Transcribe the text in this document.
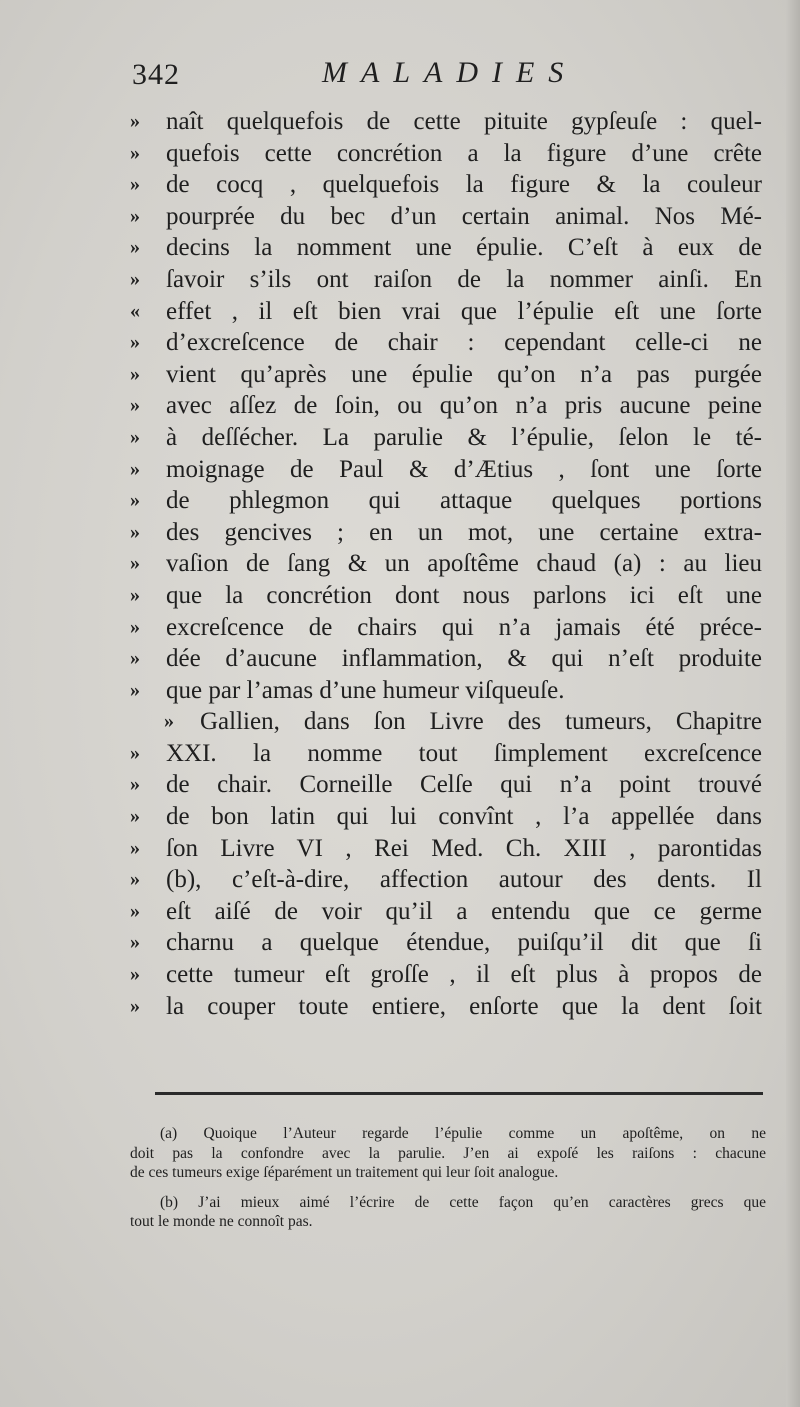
342	MALADIES
»	naît quelquefois de cette pituite gypſeuſe : quel-
»	quefois cette concrétion a la figure d’une crête
»	de cocq , quelquefois la figure & la couleur
»	pourprée du bec d’un certain animal. Nos Mé-
»	decins la nomment une épulie. C’eſt à eux de
»	ſavoir s’ils ont raiſon de la nommer ainſi. En
«	effet , il eſt bien vrai que l’épulie eſt une ſorte
»	d’excreſcence de chair : cependant celle-ci ne
»	vient qu’après une épulie qu’on n’a pas purgée
»	avec aſſez de ſoin, ou qu’on n’a pris aucune peine
»	à deſſécher. La parulie & l’épulie, ſelon le té-
»	moignage de Paul & d’Ætius , ſont une ſorte
»	de phlegmon qui attaque quelques portions
»	des gencives ; en un mot, une certaine extra-
»	vaſion de ſang & un apoſtême chaud (a) : au lieu
»	que la concrétion dont nous parlons ici eſt une
»	excreſcence de chairs qui n’a jamais été préce-
»	dée d’aucune inflammation, & qui n’eſt produite
»	que par l’amas d’une humeur viſqueuſe.
»	Gallien, dans ſon Livre des tumeurs, Chapitre
»	XXI. la nomme tout ſimplement excreſcence
»	de chair. Corneille Celſe qui n’a point trouvé
»	de bon latin qui lui convînt , l’a appellée dans
»	ſon Livre VI , Rei Med. Ch. XIII , parontidas
»	(b), c’eſt-à-dire, affection autour des dents. Il
»	eſt aiſé de voir qu’il a entendu que ce germe
»	charnu a quelque étendue, puiſqu’il dit que ſi
»	cette tumeur eſt groſſe , il eſt plus à propos de
»	la couper toute entiere, enſorte que la dent ſoit
(a) Quoique l’Auteur regarde l’épulie comme un apoſtême, on ne
doit pas la confondre avec la parulie. J’en ai expoſé les raiſons : chacune
de ces tumeurs exige ſéparément un traitement qui leur ſoit analogue.
(b) J’ai mieux aimé l’écrire de cette façon qu’en caractères grecs que
tout le monde ne connoît pas.
